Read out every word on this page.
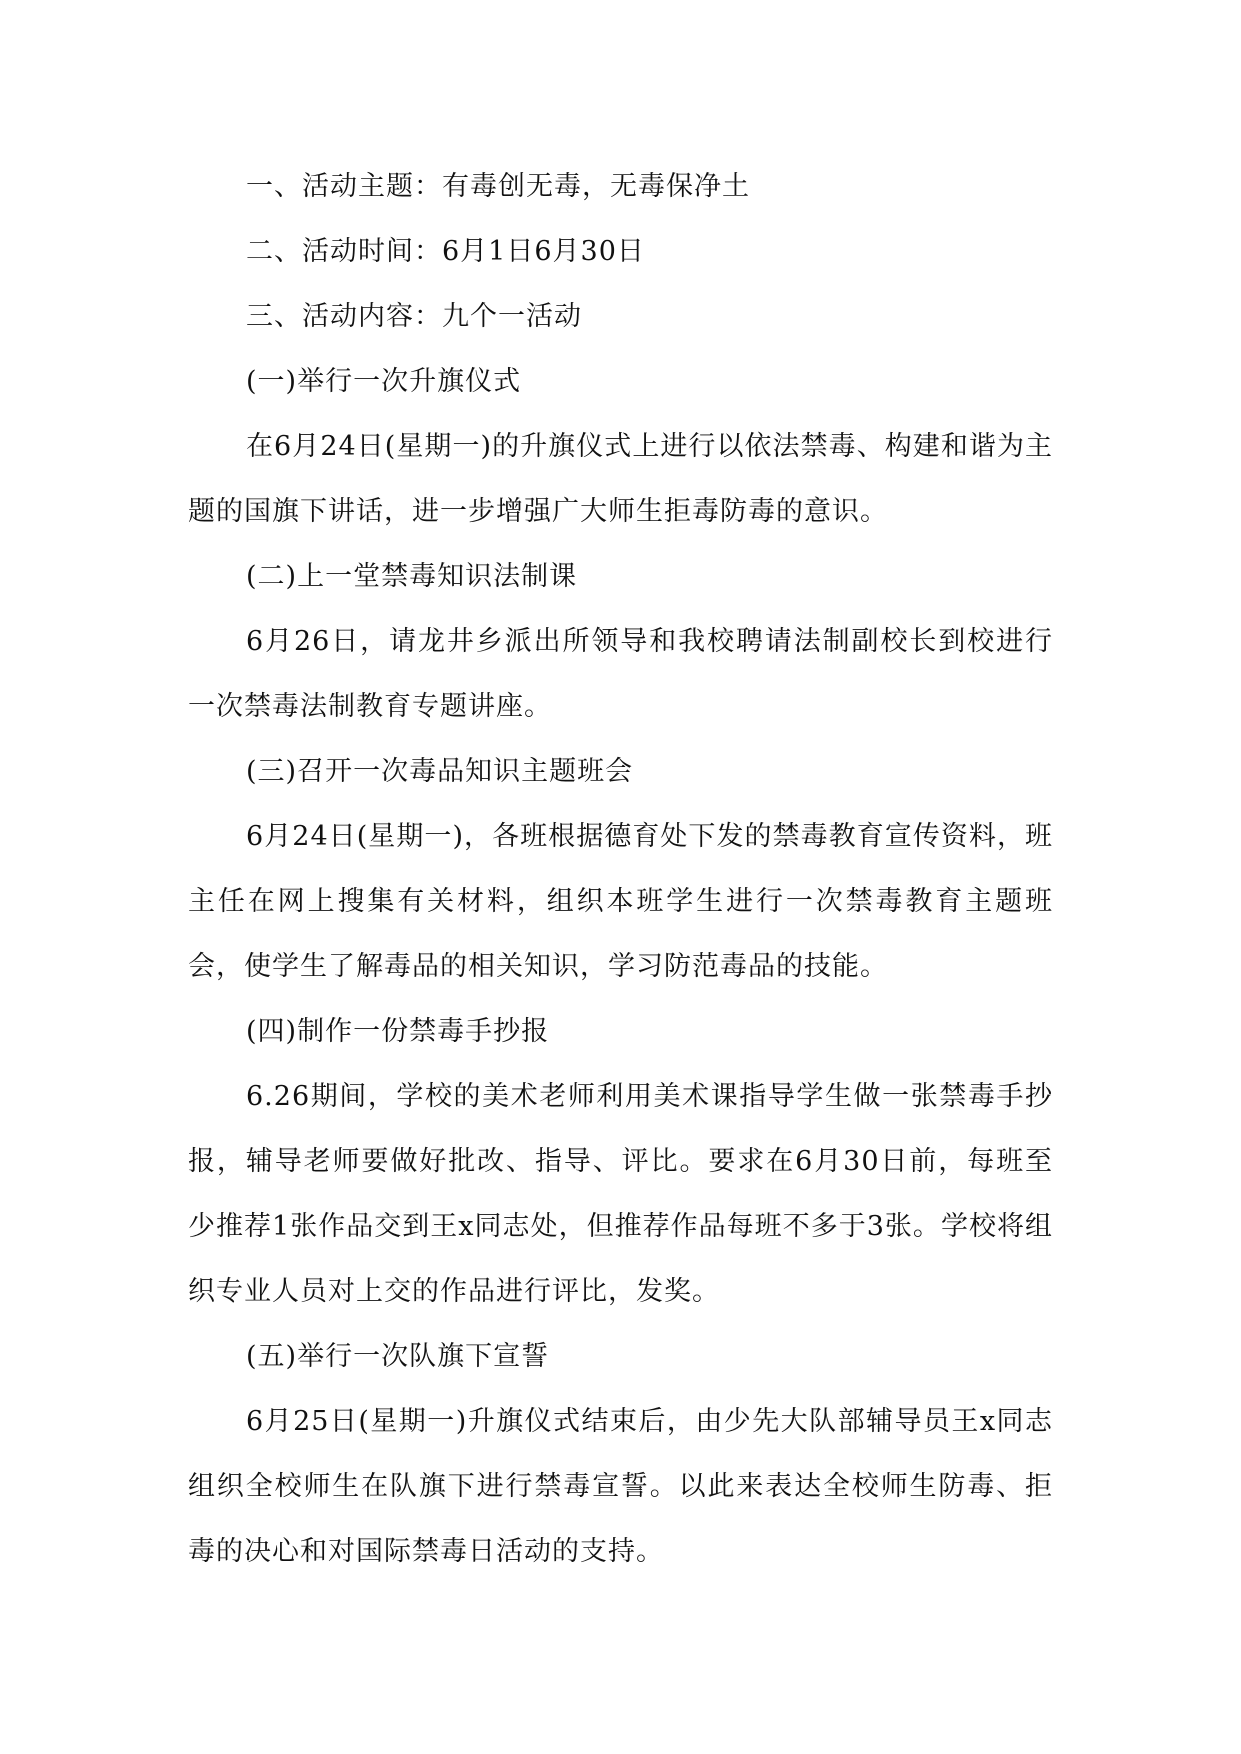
一、活动主题：有毒创无毒，无毒保净土

二、活动时间：6月1日6月30日

三、活动内容：九个一活动

(一)举行一次升旗仪式

在6月24日(星期一)的升旗仪式上进行以依法禁毒、构建和谐为主题的国旗下讲话，进一步增强广大师生拒毒防毒的意识。

(二)上一堂禁毒知识法制课

6月26日，请龙井乡派出所领导和我校聘请法制副校长到校进行一次禁毒法制教育专题讲座。

(三)召开一次毒品知识主题班会

6月24日(星期一)，各班根据德育处下发的禁毒教育宣传资料，班主任在网上搜集有关材料，组织本班学生进行一次禁毒教育主题班会，使学生了解毒品的相关知识，学习防范毒品的技能。

(四)制作一份禁毒手抄报

6.26期间，学校的美术老师利用美术课指导学生做一张禁毒手抄报，辅导老师要做好批改、指导、评比。要求在6月30日前，每班至少推荐1张作品交到王x同志处，但推荐作品每班不多于3张。学校将组织专业人员对上交的作品进行评比，发奖。

(五)举行一次队旗下宣誓

6月25日(星期一)升旗仪式结束后，由少先大队部辅导员王x同志组织全校师生在队旗下进行禁毒宣誓。以此来表达全校师生防毒、拒毒的决心和对国际禁毒日活动的支持。
